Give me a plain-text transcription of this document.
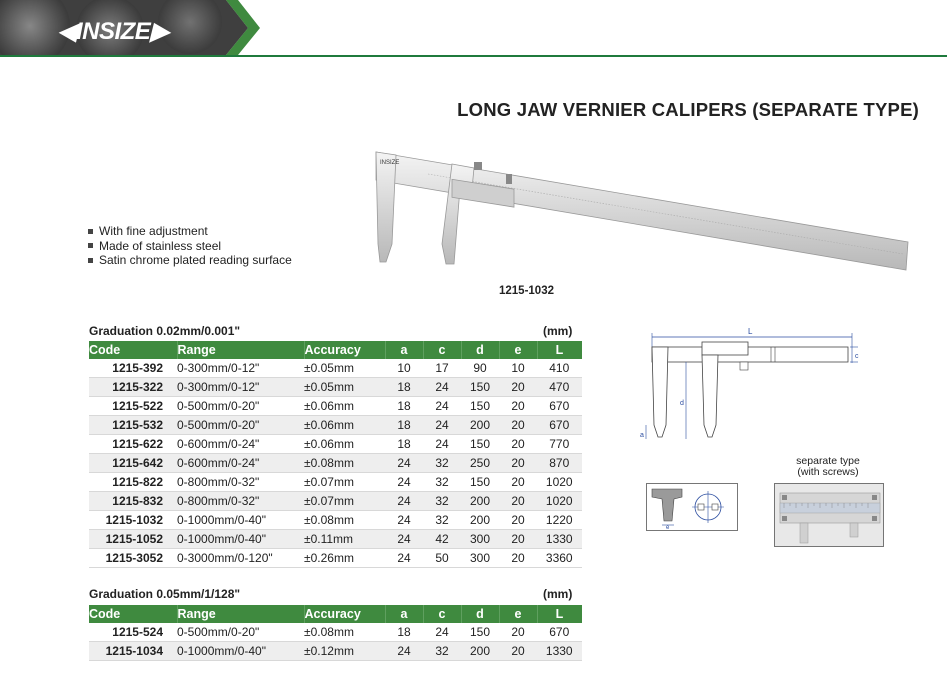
◀INSIZE▶
LONG JAW VERNIER CALIPERS (SEPARATE TYPE)
With fine adjustment
Made of stainless steel
Satin chrome plated reading surface
INSIZE
1215-1032
Graduation 0.02mm/0.001"	(mm)
Code	Range	Accuracy	a	c	d	e	L

1215-392	0-300mm/0-12"	±0.05mm	10	17	90	10	410

1215-322	0-300mm/0-12"	±0.05mm	18	24	150	20	470

1215-522	0-500mm/0-20"	±0.06mm	18	24	150	20	670

1215-532	0-500mm/0-20"	±0.06mm	18	24	200	20	670

1215-622	0-600mm/0-24"	±0.06mm	18	24	150	20	770

1215-642	0-600mm/0-24"	±0.08mm	24	32	250	20	870

1215-822	0-800mm/0-32"	±0.07mm	24	32	150	20	1020

1215-832	0-800mm/0-32"	±0.07mm	24	32	200	20	1020

1215-1032	0-1000mm/0-40"	±0.08mm	24	32	200	20	1220

1215-1052	0-1000mm/0-40"	±0.11mm	24	42	300	20	1330

1215-3052	0-3000mm/0-120"	±0.26mm	24	50	300	20	3360
Graduation 0.05mm/1/128"	(mm)
Code	Range	Accuracy	a	c	d	e	L

1215-524	0-500mm/0-20"	±0.08mm	18	24	150	20	670

1215-1034	0-1000mm/0-40"	±0.12mm	24	32	200	20	1330
L
c
d
a
e
separate type
(with screws)
